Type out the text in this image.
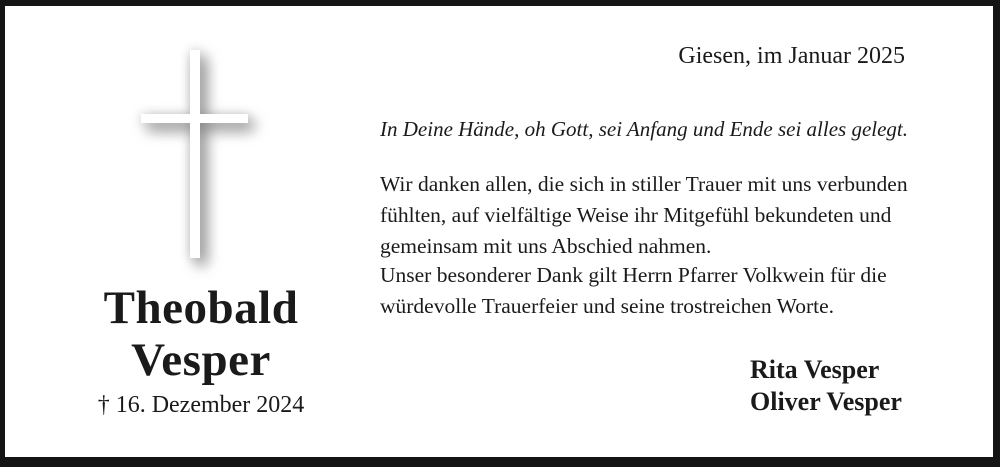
Giesen, im Januar 2025
In Deine Hände, oh Gott, sei Anfang und Ende sei alles gelegt.
Wir danken allen, die sich in stiller Trauer mit uns verbunden
fühlten, auf vielfältige Weise ihr Mitgefühl bekundeten und
gemeinsam mit uns Abschied nahmen.
Unser besonderer Dank gilt Herrn Pfarrer Volkwein für die
würdevolle Trauerfeier und seine trostreichen Worte.
Theobald
Vesper
† 16. Dezember 2024
Rita Vesper
Oliver Vesper
